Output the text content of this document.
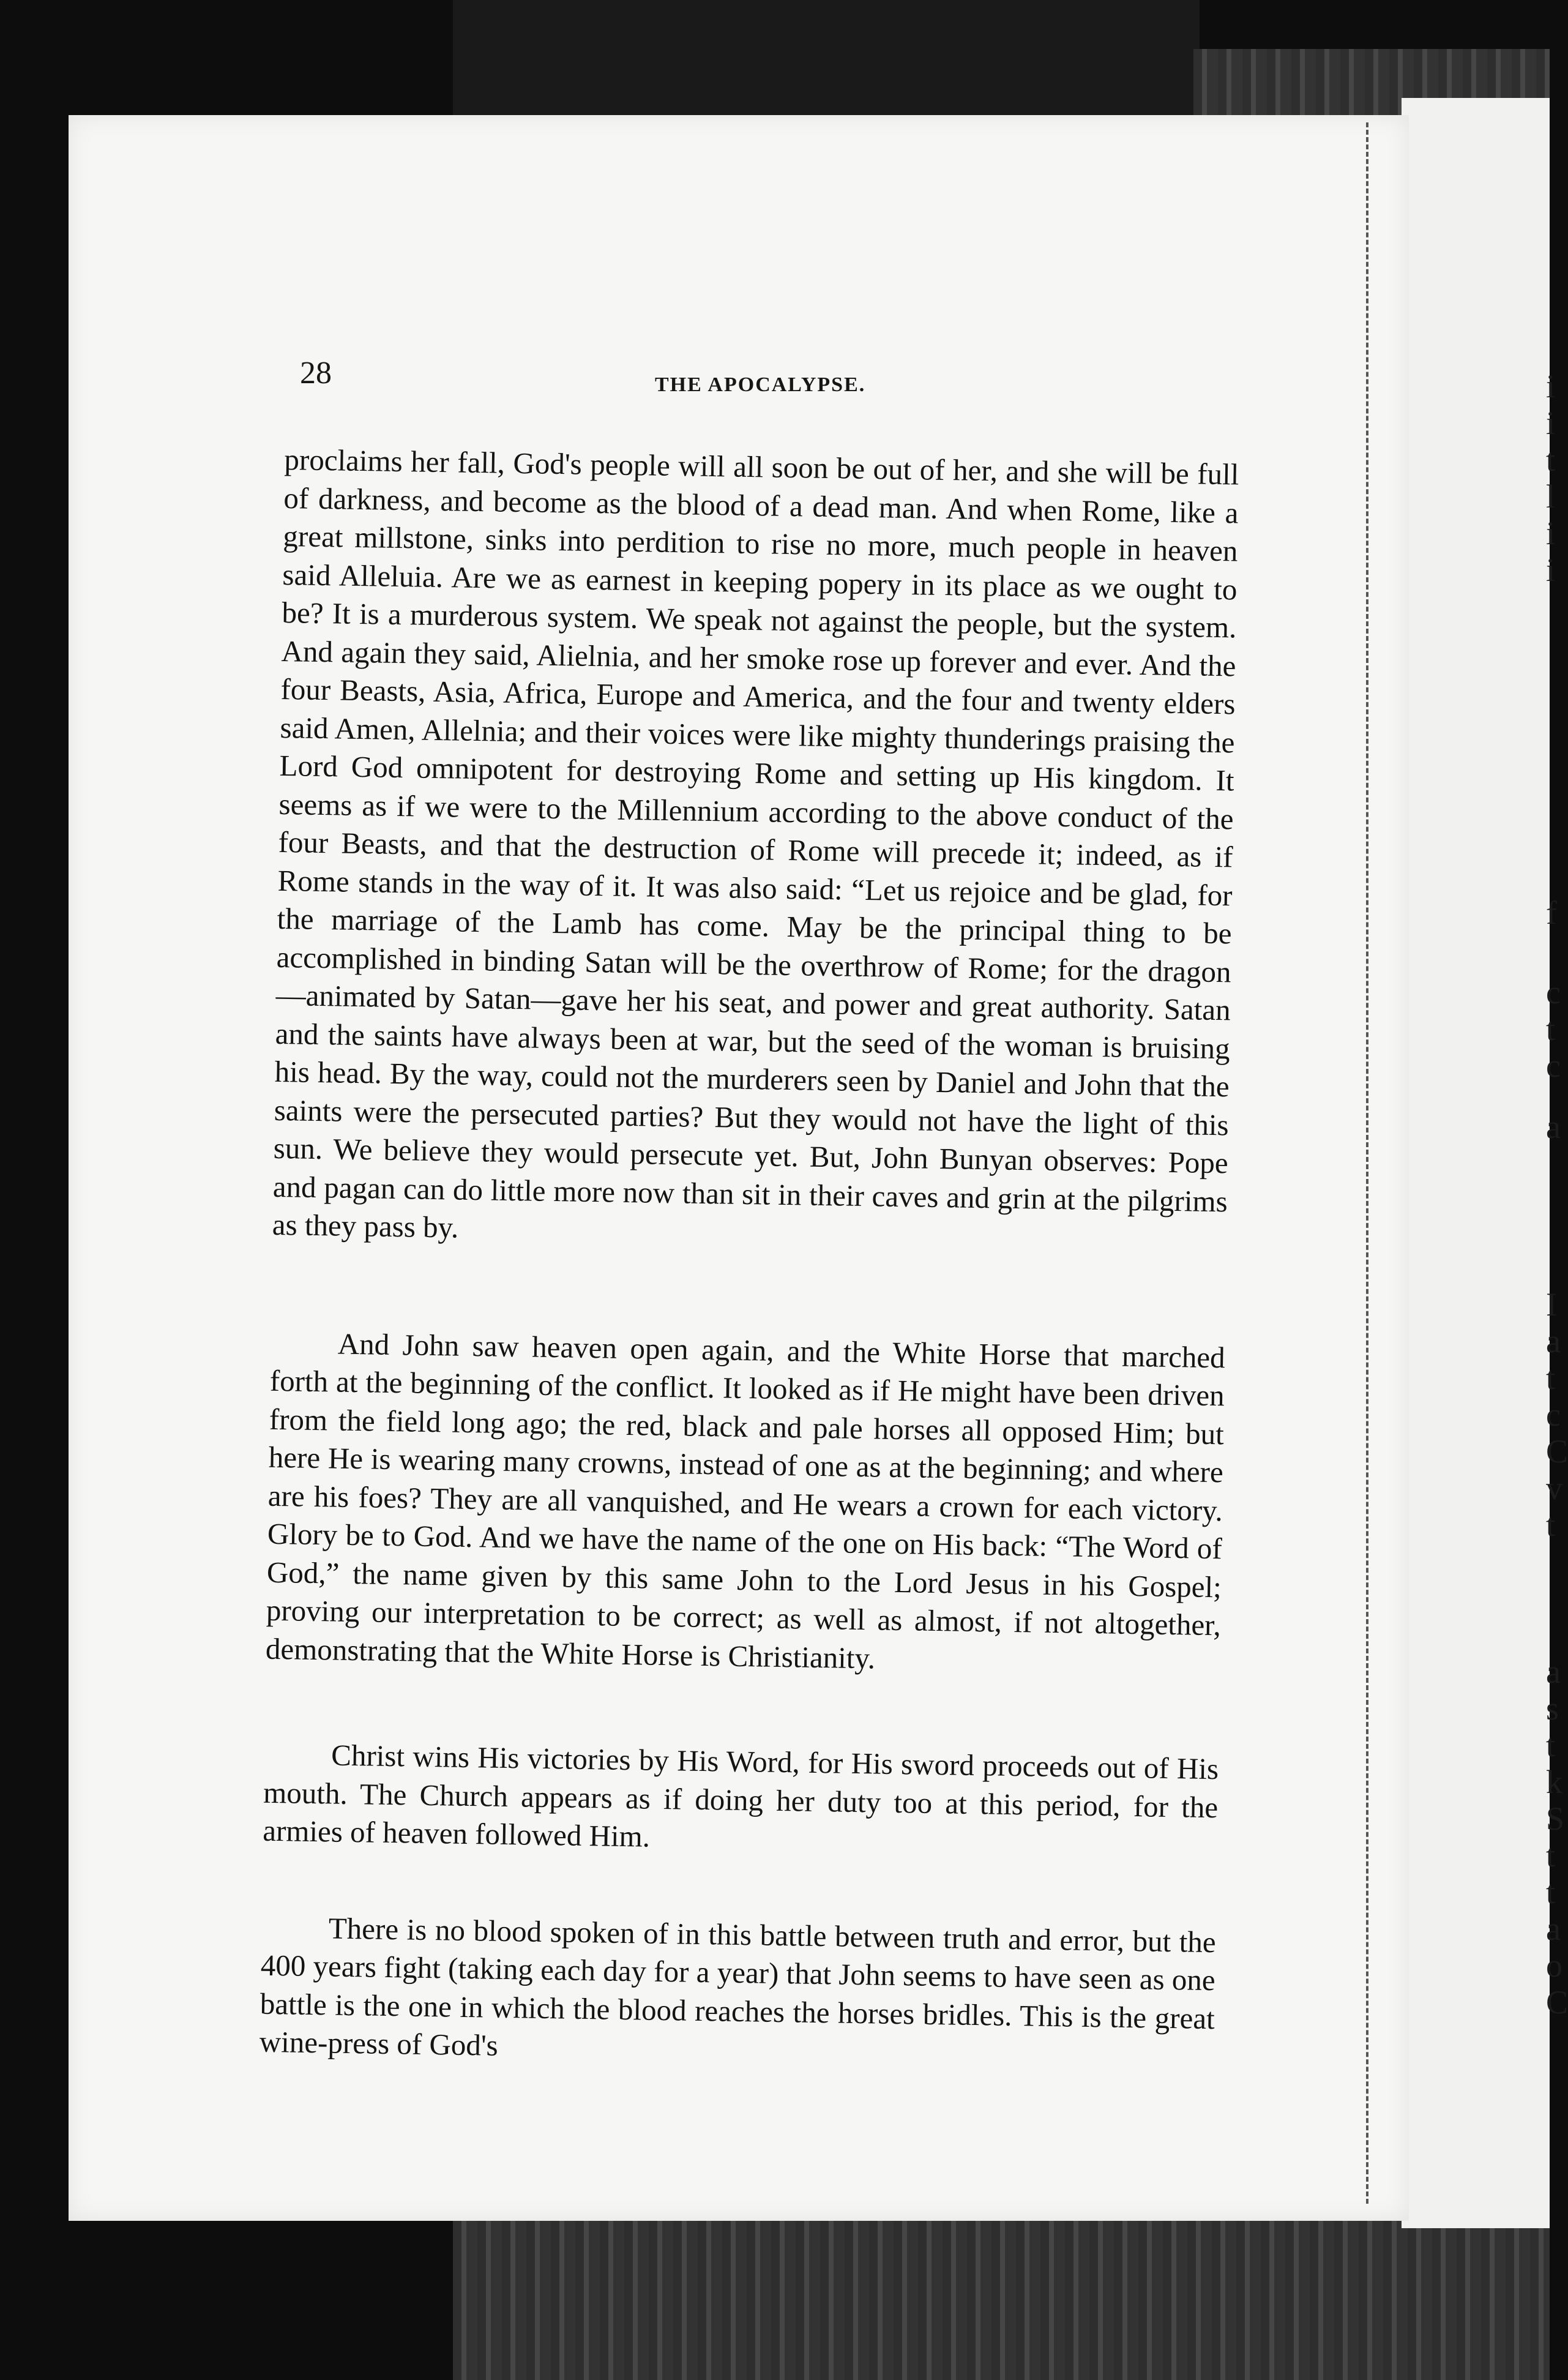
i
i
t
l
i
i
f
c
t
c
a
I
a
t
c
C
v
t
a
s
t
k
S
t
t
a
o
C
28	THE APOCALYPSE.

proclaims her fall, God's people will all soon be out of her, and she will be full of darkness, and become as the blood of a dead man. And when Rome, like a great millstone, sinks into perdition to rise no more, much people in heaven said Alleluia. Are we as earnest in keeping popery in its place as we ought to be? It is a murderous system. We speak not against the people, but the system. And again they said, Alielnia, and her smoke rose up forever and ever. And the four Beasts, Asia, Africa, Europe and America, and the four and twenty elders said Amen, Allelnia; and their voices were like mighty thunderings praising the Lord God omnipotent for destroying Rome and setting up His kingdom. It seems as if we were to the Millennium according to the above conduct of the four Beasts, and that the destruction of Rome will precede it; indeed, as if Rome stands in the way of it. It was also said: “Let us rejoice and be glad, for the marriage of the Lamb has come. May be the principal thing to be accomplished in binding Satan will be the overthrow of Rome; for the dragon—animated by Satan—gave her his seat, and power and great authority. Satan and the saints have always been at war, but the seed of the woman is bruising his head. By the way, could not the murderers seen by Daniel and John that the saints were the persecuted parties? But they would not have the light of this sun. We believe they would persecute yet. But, John Bunyan observes: Pope and pagan can do little more now than sit in their caves and grin at the pilgrims as they pass by.

And John saw heaven open again, and the White Horse that marched forth at the beginning of the conflict. It looked as if He might have been driven from the field long ago; the red, black and pale horses all opposed Him; but here He is wearing many crowns, instead of one as at the beginning; and where are his foes? They are all vanquished, and He wears a crown for each victory. Glory be to God. And we have the name of the one on His back: “The Word of God,” the name given by this same John to the Lord Jesus in his Gospel; proving our interpretation to be correct; as well as almost, if not altogether, demonstrating that the White Horse is Christianity.

Christ wins His victories by His Word, for His sword proceeds out of His mouth. The Church appears as if doing her duty too at this period, for the armies of heaven followed Him.

There is no blood spoken of in this battle between truth and error, but the 400 years fight (taking each day for a year) that John seems to have seen as one battle is the one in which the blood reaches the horses bridles. This is the great wine-press of God's
